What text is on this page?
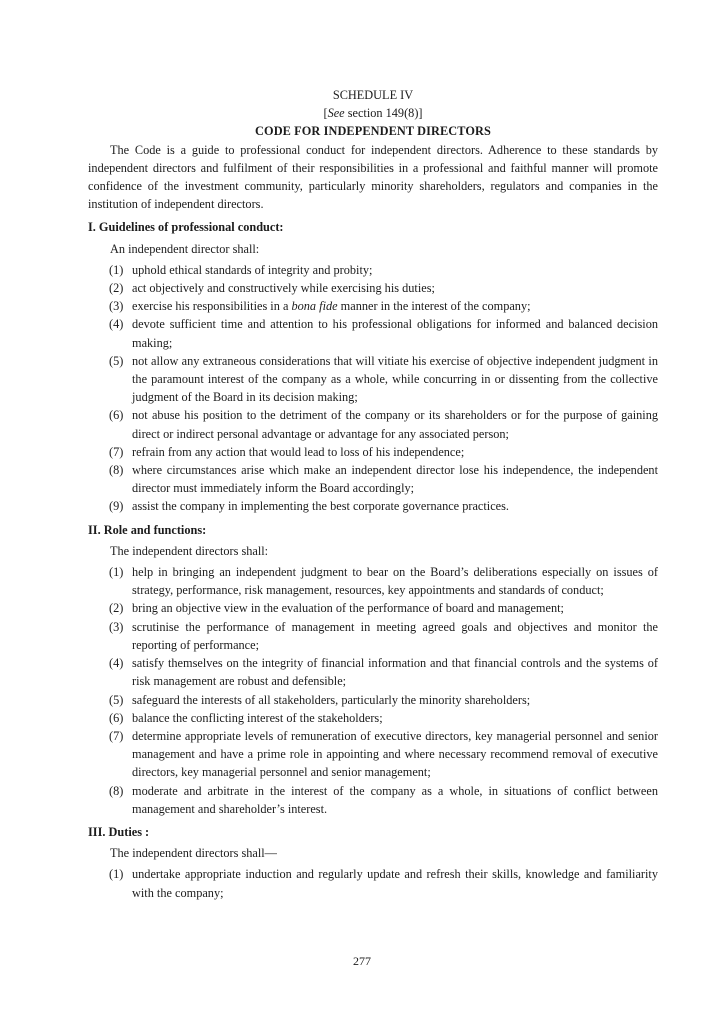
SCHEDULE IV

[See section 149(8)]

CODE FOR INDEPENDENT DIRECTORS

The Code is a guide to professional conduct for independent directors. Adherence to these standards by independent directors and fulfilment of their responsibilities in a professional and faithful manner will promote confidence of the investment community, particularly minority shareholders, regulators and companies in the institution of independent directors.

I. Guidelines of professional conduct:

An independent director shall:

(1) uphold ethical standards of integrity and probity;
(2) act objectively and constructively while exercising his duties;
(3) exercise his responsibilities in a bona fide manner in the interest of the company;
(4) devote sufficient time and attention to his professional obligations for informed and balanced decision making;
(5) not allow any extraneous considerations that will vitiate his exercise of objective independent judgment in the paramount interest of the company as a whole, while concurring in or dissenting from the collective judgment of the Board in its decision making;
(6) not abuse his position to the detriment of the company or its shareholders or for the purpose of gaining direct or indirect personal advantage or advantage for any associated person;
(7) refrain from any action that would lead to loss of his independence;
(8) where circumstances arise which make an independent director lose his independence, the independent director must immediately inform the Board accordingly;
(9) assist the company in implementing the best corporate governance practices.

II. Role and functions:

The independent directors shall:

(1) help in bringing an independent judgment to bear on the Board’s deliberations especially on issues of strategy, performance, risk management, resources, key appointments and standards of conduct;
(2) bring an objective view in the evaluation of the performance of board and management;
(3) scrutinise the performance of management in meeting agreed goals and objectives and monitor the reporting of performance;
(4) satisfy themselves on the integrity of financial information and that financial controls and the systems of risk management are robust and defensible;
(5) safeguard the interests of all stakeholders, particularly the minority shareholders;
(6) balance the conflicting interest of the stakeholders;
(7) determine appropriate levels of remuneration of executive directors, key managerial personnel and senior management and have a prime role in appointing and where necessary recommend removal of executive directors, key managerial personnel and senior management;
(8) moderate and arbitrate in the interest of the company as a whole, in situations of conflict between management and shareholder’s interest.

III. Duties :

The independent directors shall—

(1) undertake appropriate induction and regularly update and refresh their skills, knowledge and familiarity with the company;
277
